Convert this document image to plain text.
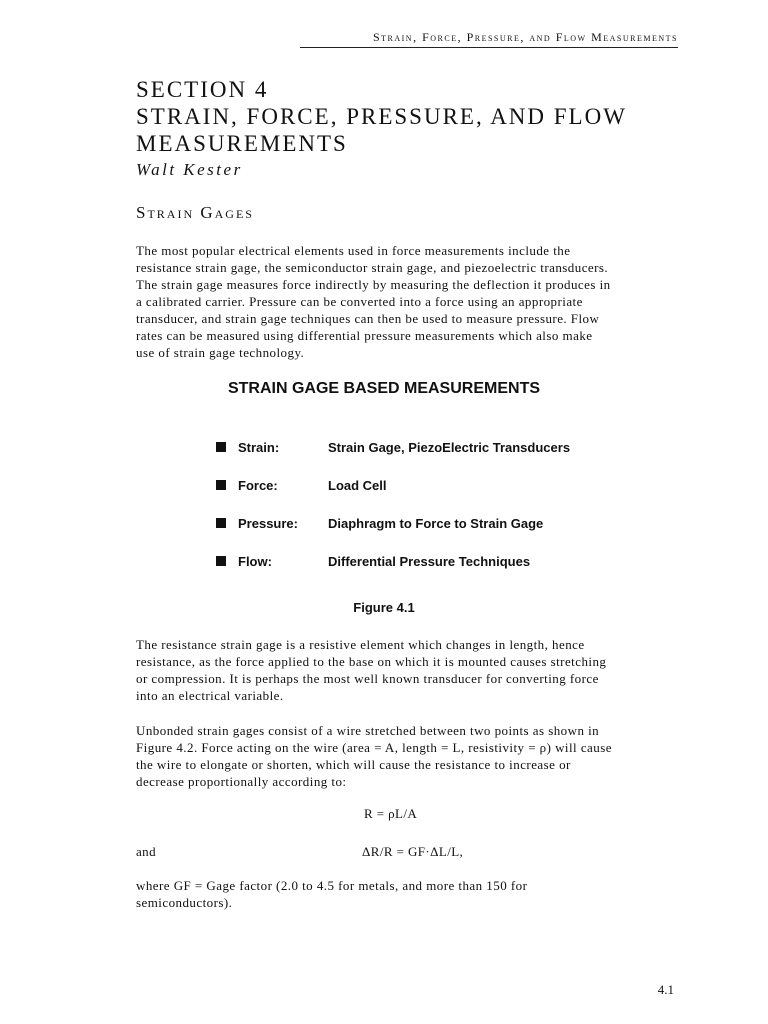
Strain, Force, Pressure, and Flow Measurements
SECTION 4
STRAIN, FORCE, PRESSURE, AND FLOW
MEASUREMENTS
Walt Kester
Strain Gages
The most popular electrical elements used in force measurements include the
resistance strain gage, the semiconductor strain gage, and piezoelectric transducers.
The strain gage measures force indirectly by measuring the deflection it produces in
a calibrated carrier. Pressure can be converted into a force using an appropriate
transducer, and strain gage techniques can then be used to measure pressure. Flow
rates can be measured using differential pressure measurements which also make
use of strain gage technology.
STRAIN GAGE BASED MEASUREMENTS
Strain:	Strain Gage, PiezoElectric Transducers
Force:	Load Cell
Pressure: Diaphragm to Force to Strain Gage
Flow:	Differential Pressure Techniques
Figure 4.1
The resistance strain gage is a resistive element which changes in length, hence
resistance, as the force applied to the base on which it is mounted causes stretching
or compression. It is perhaps the most well known transducer for converting force
into an electrical variable.
Unbonded strain gages consist of a wire stretched between two points as shown in
Figure 4.2. Force acting on the wire (area = A, length = L, resistivity = ρ) will cause
the wire to elongate or shorten, which will cause the resistance to increase or
decrease proportionally according to:
R = ρL/A
and	ΔR/R = GF·ΔL/L,
where GF = Gage factor (2.0 to 4.5 for metals, and more than 150 for
semiconductors).
4.1
